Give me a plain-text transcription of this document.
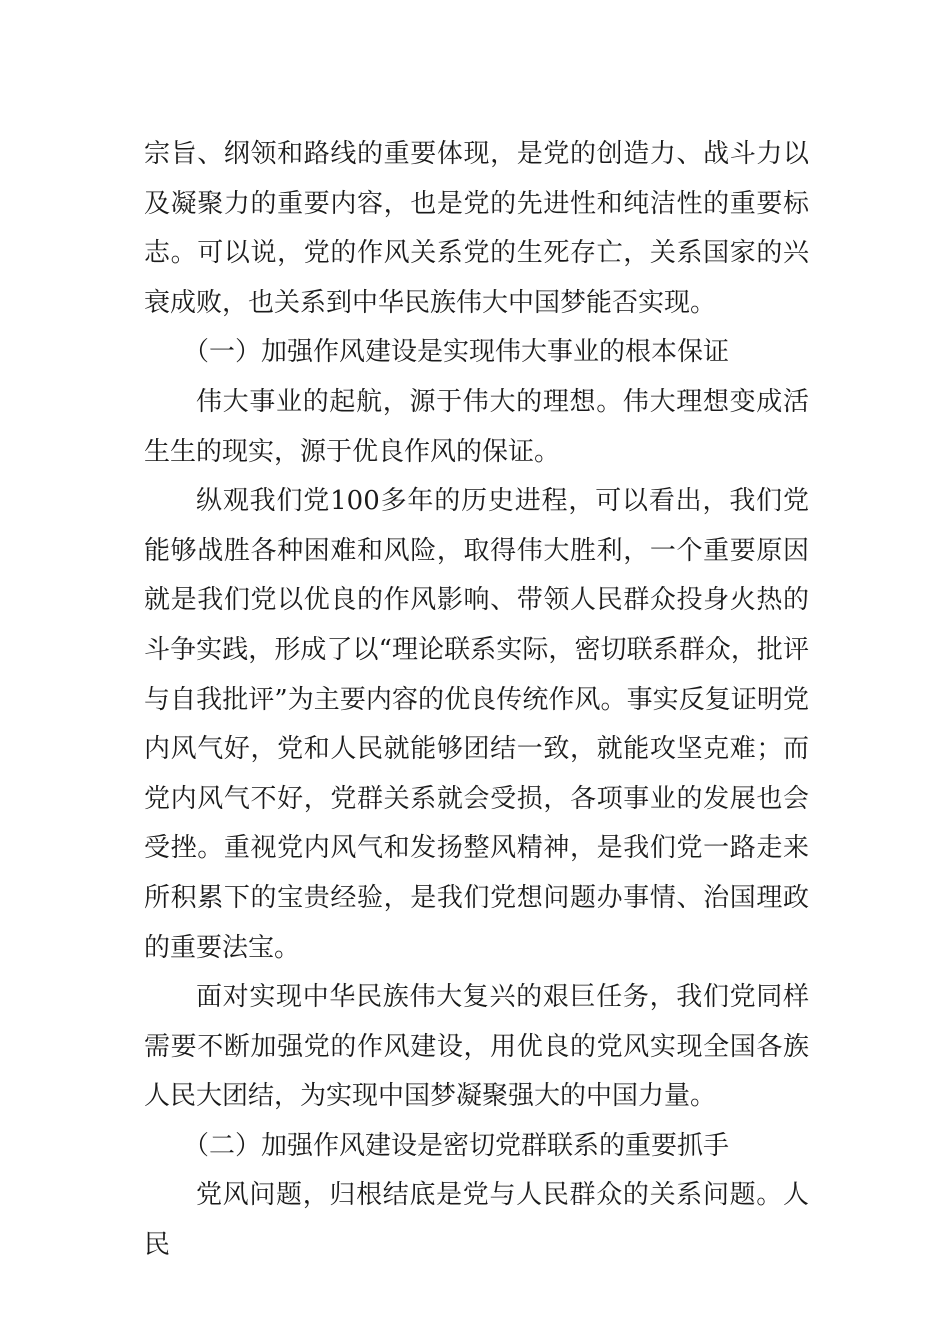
宗旨、纲领和路线的重要体现，是党的创造力、战斗力以及凝聚力的重要内容，也是党的先进性和纯洁性的重要标志。可以说，党的作风关系党的生死存亡，关系国家的兴衰成败，也关系到中华民族伟大中国梦能否实现。

（一）加强作风建设是实现伟大事业的根本保证

伟大事业的起航，源于伟大的理想。伟大理想变成活生生的现实，源于优良作风的保证。

纵观我们党100多年的历史进程，可以看出，我们党能够战胜各种困难和风险，取得伟大胜利，一个重要原因就是我们党以优良的作风影响、带领人民群众投身火热的斗争实践，形成了以“理论联系实际，密切联系群众，批评与自我批评”为主要内容的优良传统作风。事实反复证明党内风气好，党和人民就能够团结一致，就能攻坚克难；而党内风气不好，党群关系就会受损，各项事业的发展也会受挫。重视党内风气和发扬整风精神，是我们党一路走来所积累下的宝贵经验，是我们党想问题办事情、治国理政的重要法宝。

面对实现中华民族伟大复兴的艰巨任务，我们党同样需要不断加强党的作风建设，用优良的党风实现全国各族人民大团结，为实现中国梦凝聚强大的中国力量。

（二）加强作风建设是密切党群联系的重要抓手

党风问题，归根结底是党与人民群众的关系问题。人民
